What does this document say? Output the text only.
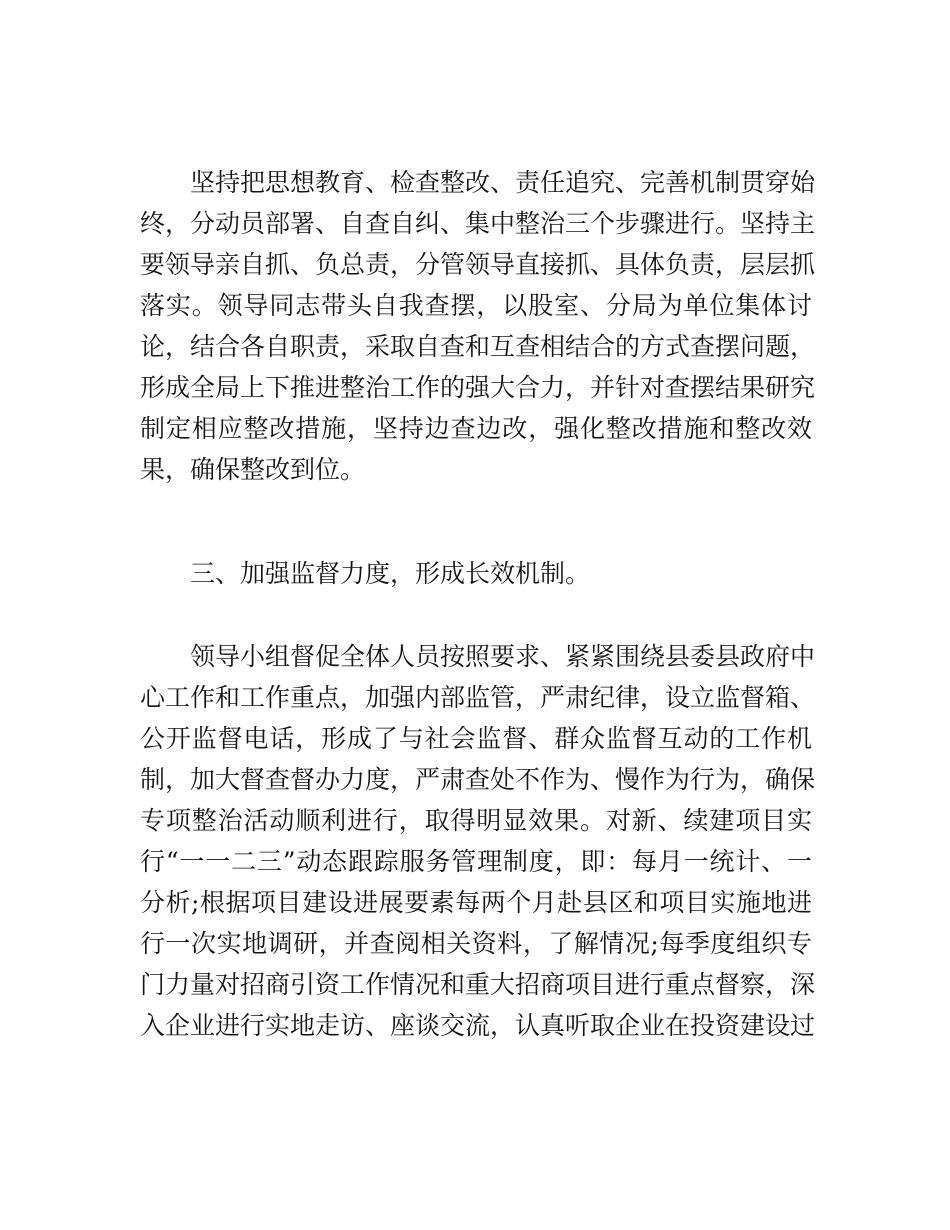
坚持把思想教育、检查整改、责任追究、完善机制贯穿始
终，分动员部署、自查自纠、集中整治三个步骤进行。坚持主
要领导亲自抓、负总责，分管领导直接抓、具体负责，层层抓
落实。领导同志带头自我查摆，以股室、分局为单位集体讨
论，结合各自职责，采取自查和互查相结合的方式查摆问题，
形成全局上下推进整治工作的强大合力，并针对查摆结果研究
制定相应整改措施，坚持边查边改，强化整改措施和整改效
果，确保整改到位。
三、加强监督力度，形成长效机制。
领导小组督促全体人员按照要求、紧紧围绕县委县政府中
心工作和工作重点，加强内部监管，严肃纪律，设立监督箱、
公开监督电话，形成了与社会监督、群众监督互动的工作机
制，加大督查督办力度，严肃查处不作为、慢作为行为，确保
专项整治活动顺利进行，取得明显效果。对新、续建项目实
行“一一二三”动态跟踪服务管理制度，即：每月一统计、一
分析;根据项目建设进展要素每两个月赴县区和项目实施地进
行一次实地调研，并查阅相关资料，了解情况;每季度组织专
门力量对招商引资工作情况和重大招商项目进行重点督察，深
入企业进行实地走访、座谈交流，认真听取企业在投资建设过
